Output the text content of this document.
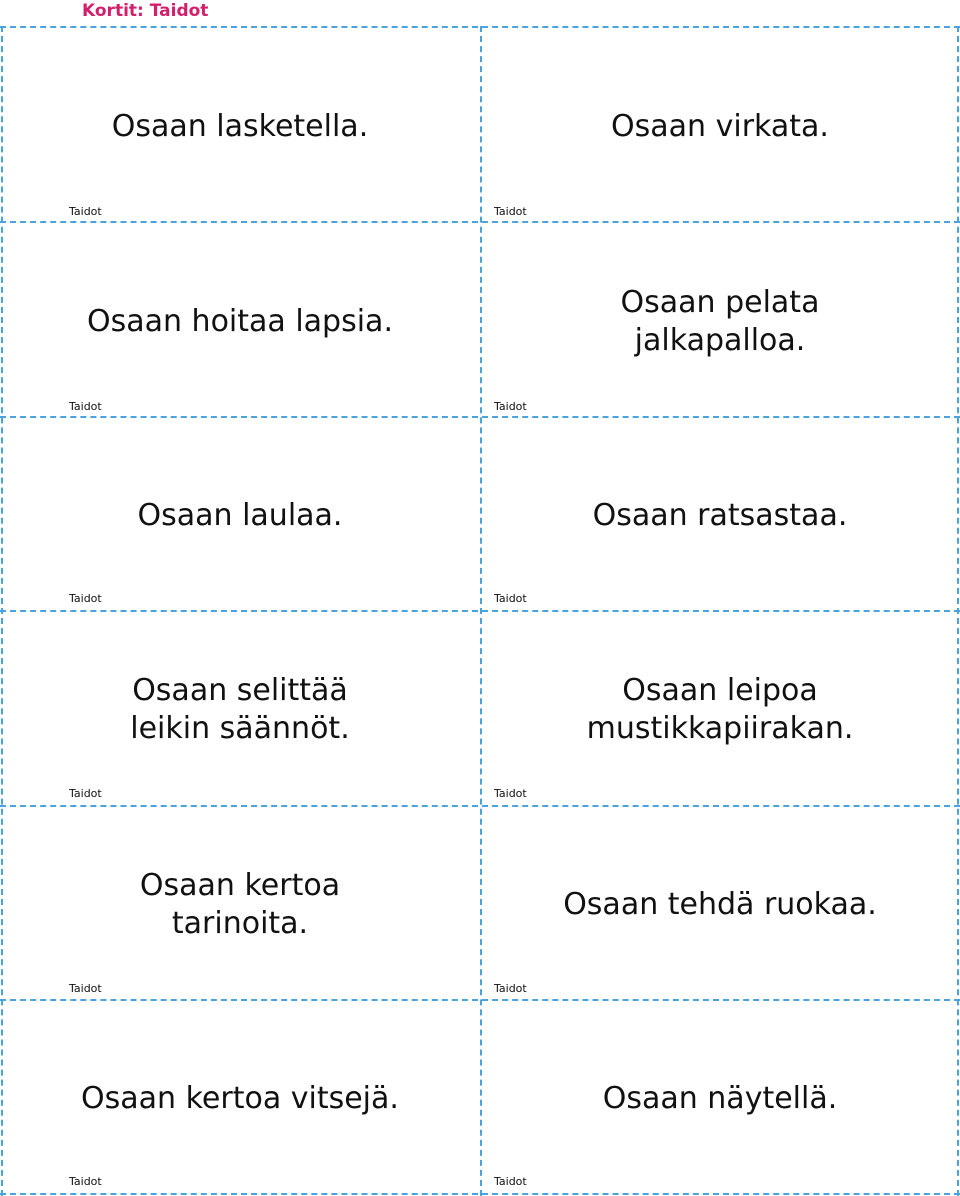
Kortit: Taidot
Osaan lasketella.
Taidot
Osaan virkata.
Taidot
Osaan hoitaa lapsia.
Taidot
Osaan pelata
jalkapalloa.
Taidot
Osaan laulaa.
Taidot
Osaan ratsastaa.
Taidot
Osaan selittää
leikin säännöt.
Taidot
Osaan leipoa
mustikkapiirakan.
Taidot
Osaan kertoa
tarinoita.
Taidot
Osaan tehdä ruokaa.
Taidot
Osaan kertoa vitsejä.
Taidot
Osaan näytellä.
Taidot
